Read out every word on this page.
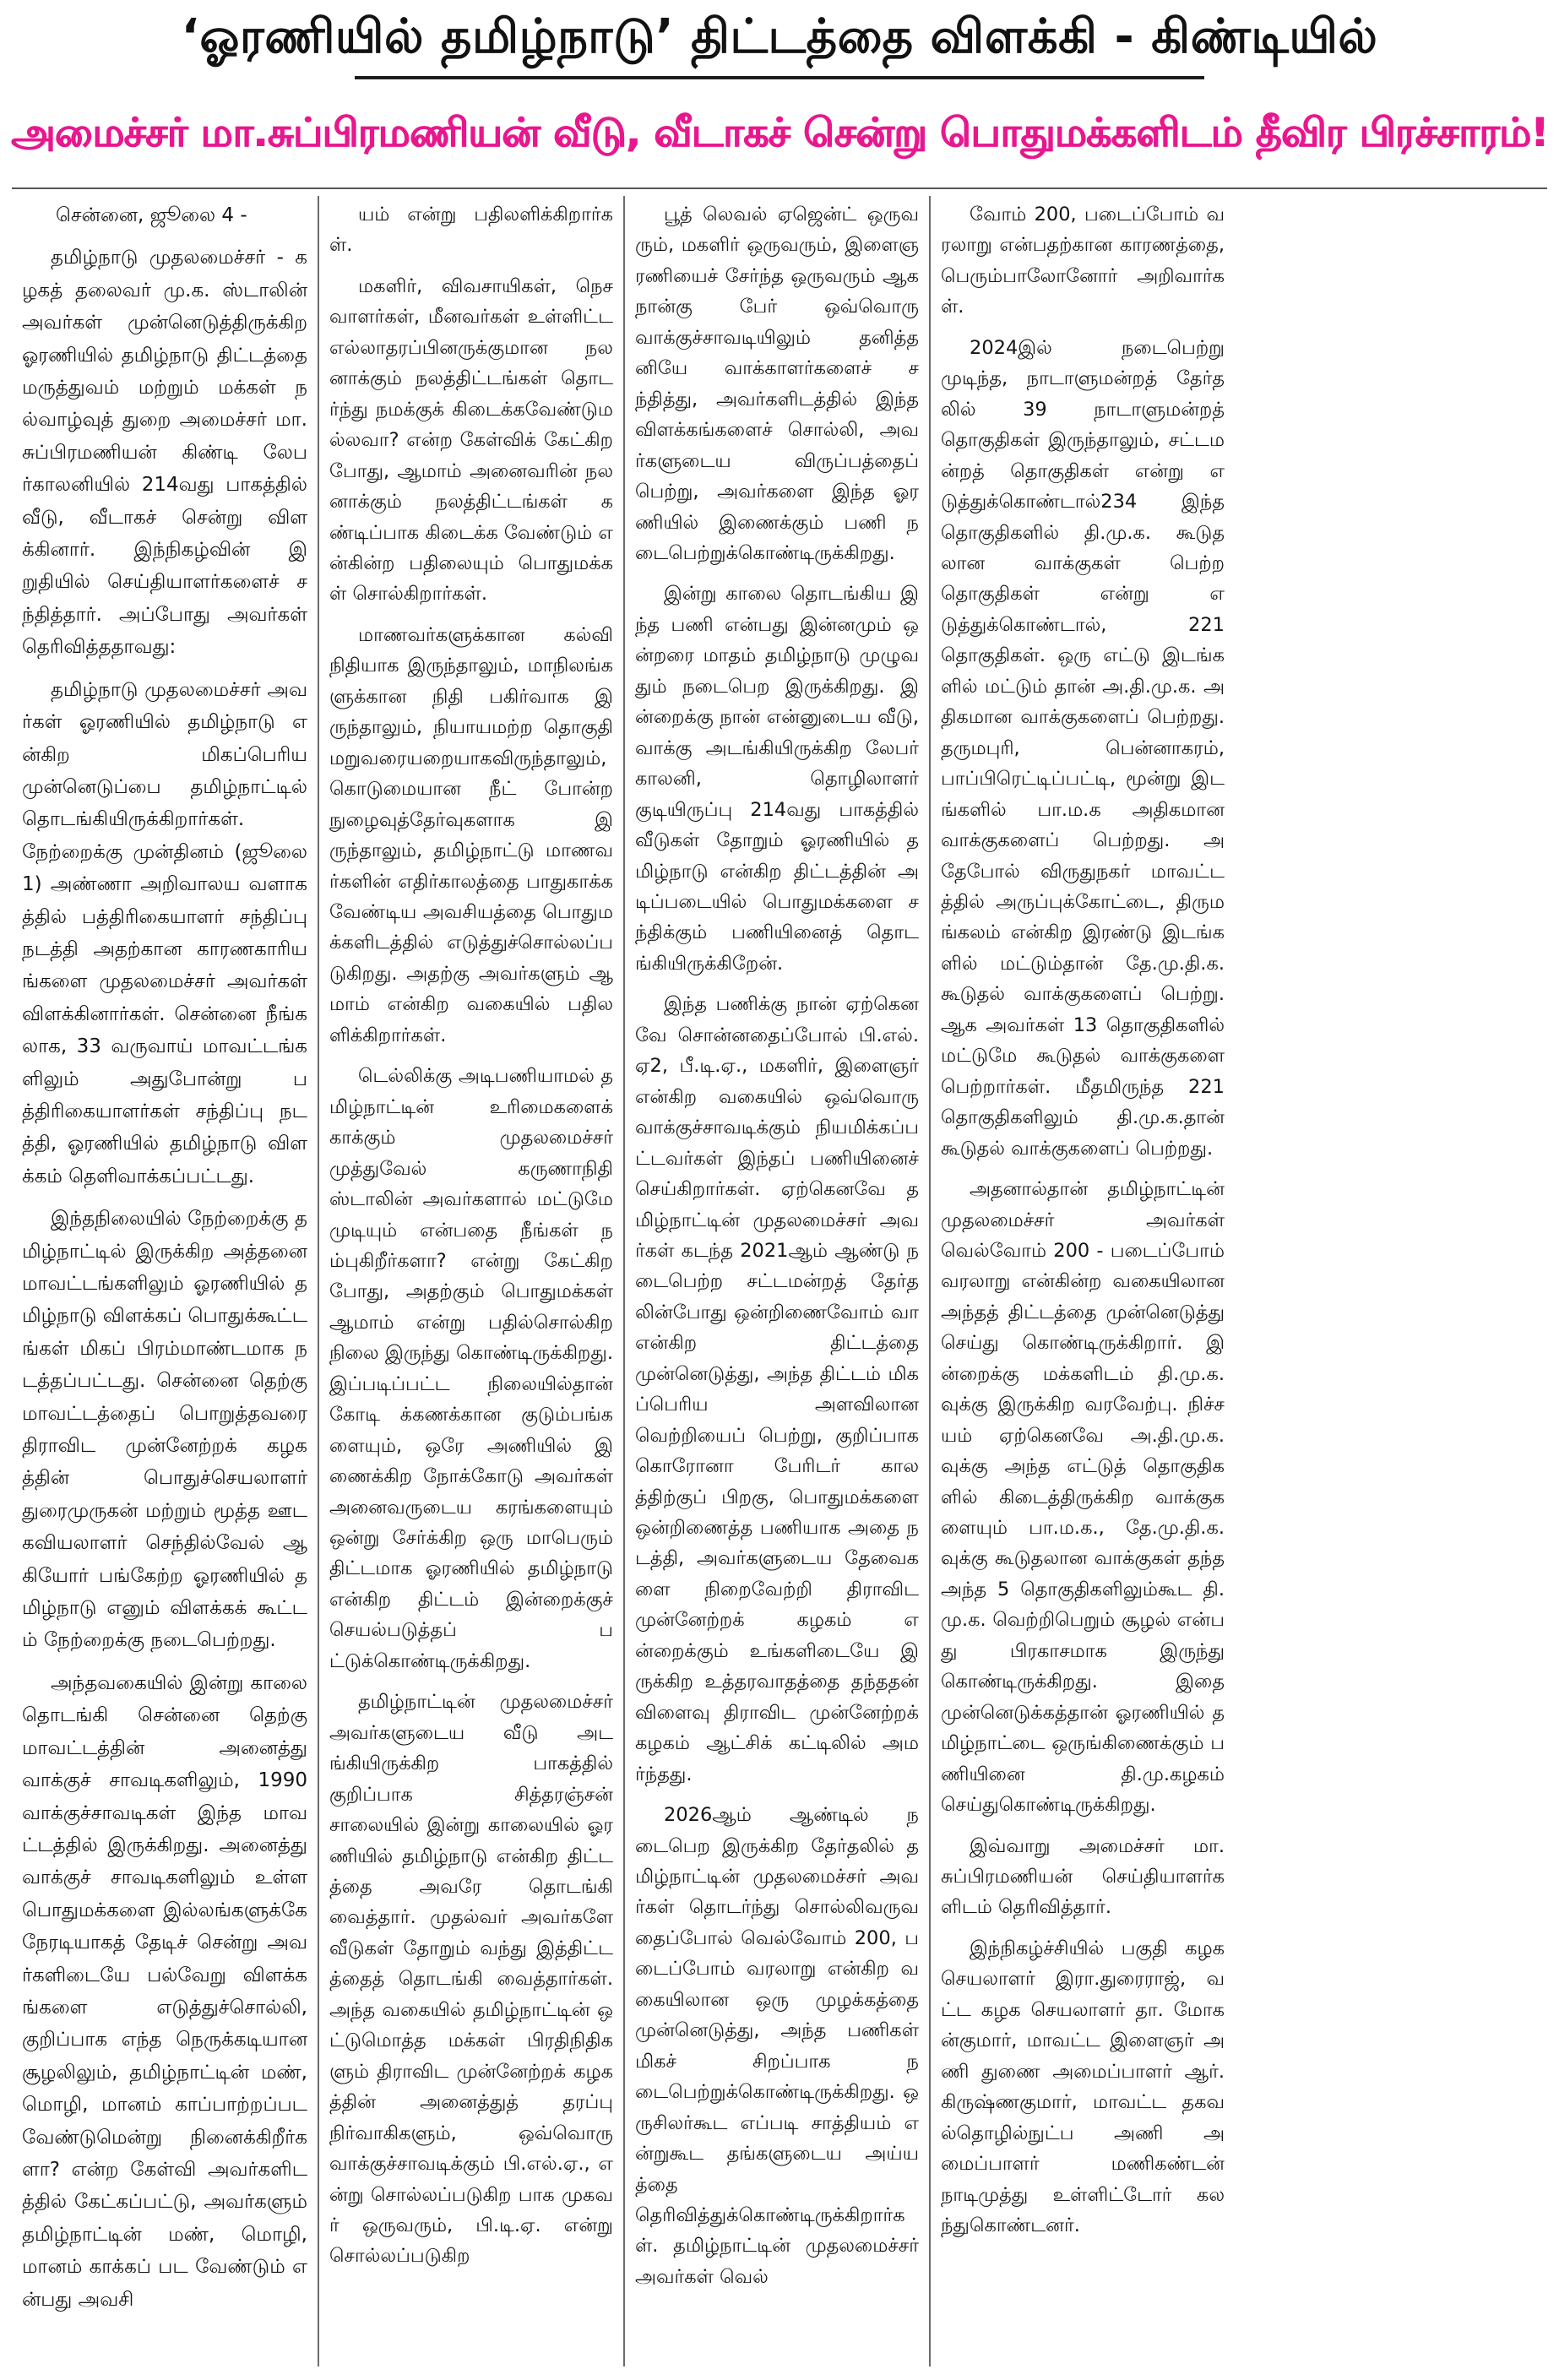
‘ஓரணியில் தமிழ்நாடு’ திட்டத்தை விளக்கி - கிண்டியில்
அமைச்சர் மா.சுப்பிரமணியன் வீடு, வீடாகச் சென்று பொதுமக்களிடம் தீவிர பிரச்சாரம்!

சென்னை, ஜூலை 4 -

தமிழ்நாடு முதலமைச்சர் - கழகத் தலைவர் மு.க. ஸ்டாலின் அவர்கள் முன்னெடுத்திருக்கிற ஓரணியில் தமிழ்நாடு திட்டத்தை மருத்துவம் மற்றும் மக்கள் நல்வாழ்வுத் துறை அமைச்சர் மா.சுப்பிரமணியன் கிண்டி லேபர்காலனியில் 214வது பாகத்தில் வீடு, வீடாகச் சென்று விளக்கினார். இந்நிகழ்வின் இறுதியில் செய்தியாளர்களைச் சந்தித்தார். அப்போது அவர்கள் தெரிவித்ததாவது:

தமிழ்நாடு முதலமைச்சர் அவர்கள் ஓரணியில் தமிழ்நாடு என்கிற மிகப்பெரிய முன்னெடுப்பை தமிழ்நாட்டில் தொடங்கியிருக்கிறார்கள். நேற்றைக்கு முன்தினம் (ஜூலை 1) அண்ணா அறிவாலய வளாகத்தில் பத்திரிகையாளர் சந்திப்பு நடத்தி அதற்கான காரணகாரியங்களை முதலமைச்சர் அவர்கள் விளக்கினார்கள். சென்னை நீங்கலாக, 33 வருவாய் மாவட்டங்களிலும் அதுபோன்று பத்திரிகையாளர்கள் சந்திப்பு நடத்தி, ஓரணியில் தமிழ்நாடு விளக்கம் தெளிவாக்கப்பட்டது.

இந்தநிலையில் நேற்றைக்கு தமிழ்நாட்டில் இருக்கிற அத்தனை மாவட்டங்களிலும் ஓரணியில் தமிழ்நாடு விளக்கப் பொதுக்கூட்டங்கள் மிகப் பிரம்மாண்டமாக நடத்தப்பட்டது. சென்னை தெற்கு மாவட்டத்தைப் பொறுத்தவரை திராவிட முன்னேற்றக் கழகத்தின் பொதுச்செயலாளர் துரைமுருகன் மற்றும் மூத்த ஊடகவியலாளர் செந்தில்வேல் ஆகியோர் பங்கேற்ற ஓரணியில் தமிழ்நாடு எனும் விளக்கக் கூட்டம் நேற்றைக்கு நடைபெற்றது.

அந்தவகையில் இன்று காலை தொடங்கி சென்னை தெற்கு மாவட்டத்தின் அனைத்து வாக்குச் சாவடிகளிலும், 1990 வாக்குச்சாவடிகள் இந்த மாவட்டத்தில் இருக்கிறது. அனைத்து வாக்குச் சாவடிகளிலும் உள்ள பொதுமக்களை இல்லங்களுக்கே நேரடியாகத் தேடிச் சென்று அவர்களிடையே பல்வேறு விளக்கங்களை எடுத்துச்சொல்லி, குறிப்பாக எந்த நெருக்கடியான சூழலிலும், தமிழ்நாட்டின் மண், மொழி, மானம் காப்பாற்றப்பட வேண்டுமென்று நினைக்கிறீர்களா? என்ற கேள்வி அவர்களிடத்தில் கேட்கப்பட்டு, அவர்களும் தமிழ்நாட்டின் மண், மொழி, மானம் காக்கப் பட வேண்டும் என்பது அவசி

யம் என்று பதிலளிக்கிறார்கள்.

மகளிர், விவசாயிகள், நெசவாளர்கள், மீனவர்கள் உள்ளிட்ட எல்லாதரப்பினருக்குமான நலனாக்கும் நலத்திட்டங்கள் தொடர்ந்து நமக்குக் கிடைக்கவேண்டுமல்லவா? என்ற கேள்விக் கேட்கிறபோது, ஆமாம் அனைவரின் நலனாக்கும் நலத்திட்டங்கள் கண்டிப்பாக கிடைக்க வேண்டும் என்கின்ற பதிலையும் பொதுமக்கள் சொல்கிறார்கள்.

மாணவர்களுக்கான கல்வி நிதியாக இருந்தாலும், மாநிலங்களுக்கான நிதி பகிர்வாக இருந்தாலும், நியாயமற்ற தொகுதி மறுவரையறையாகவிருந்தாலும், கொடுமையான நீட் போன்ற நுழைவுத்தேர்வுகளாக இருந்தாலும், தமிழ்நாட்டு மாணவர்களின் எதிர்காலத்தை பாதுகாக்க வேண்டிய அவசியத்தை பொதுமக்களிடத்தில் எடுத்துச்சொல்லப்படுகிறது. அதற்கு அவர்களும் ஆமாம் என்கிற வகையில் பதிலளிக்கிறார்கள்.

டெல்லிக்கு அடிபணியாமல் தமிழ்நாட்டின் உரிமைகளைக் காக்கும் முதலமைச்சர் முத்துவேல் கருணாநிதி ஸ்டாலின் அவர்களால் மட்டுமே முடியும் என்பதை நீங்கள் நம்புகிறீர்களா? என்று கேட்கிறபோது, அதற்கும் பொதுமக்கள் ஆமாம் என்று பதில்சொல்கிற நிலை இருந்து கொண்டிருக்கிறது. இப்படிப்பட்ட நிலையில்தான் கோடி க்கணக்கான குடும்பங்களையும், ஒரே அணியில் இணைக்கிற நோக்கோடு அவர்கள் அனைவருடைய கரங்களையும் ஒன்று சேர்க்கிற ஒரு மாபெரும் திட்டமாக ஓரணியில் தமிழ்நாடு என்கிற திட்டம் இன்றைக்குச் செயல்படுத்தப் பட்டுக்கொண்டிருக்கிறது.

தமிழ்நாட்டின் முதலமைச்சர் அவர்களுடைய வீடு அடங்கியிருக்கிற பாகத்தில் குறிப்பாக சித்தரஞ்சன் சாலையில் இன்று காலையில் ஓரணியில் தமிழ்நாடு என்கிற திட்டத்தை அவரே தொடங்கி வைத்தார். முதல்வர் அவர்களே வீடுகள் தோறும் வந்து இத்திட்டத்தைத் தொடங்கி வைத்தார்கள். அந்த வகையில் தமிழ்நாட்டின் ஒட்டுமொத்த மக்கள் பிரதிநிதிகளும் திராவிட முன்னேற்றக் கழகத்தின் அனைத்துத் தரப்பு நிர்வாகிகளும், ஒவ்வொரு வாக்குச்சாவடிக்கும் பி.எல்.ஏ., என்று சொல்லப்படுகிற பாக முகவர் ஒருவரும், பி.டி.ஏ. என்று சொல்லப்படுகிற

பூத் லெவல் ஏஜென்ட் ஒருவரும், மகளிர் ஒருவரும், இளைஞரணியைச் சேர்ந்த ஒருவரும் ஆக நான்கு பேர் ஒவ்வொரு வாக்குச்சாவடியிலும் தனித்தனியே வாக்காளர்களைச் சந்தித்து, அவர்களிடத்தில் இந்த விளக்கங்களைச் சொல்லி, அவர்களுடைய விருப்பத்தைப் பெற்று, அவர்களை இந்த ஓரணியில் இணைக்கும் பணி நடைபெற்றுக்கொண்டிருக்கிறது.

இன்று காலை தொடங்கிய இந்த பணி என்பது இன்னமும் ஒன்றரை மாதம் தமிழ்நாடு முழுவதும் நடைபெற இருக்கிறது. இன்றைக்கு நான் என்னுடைய வீடு, வாக்கு அடங்கியிருக்கிற லேபர் காலனி, தொழிலாளர் குடியிருப்பு 214வது பாகத்தில் வீடுகள் தோறும் ஓரணியில் தமிழ்நாடு என்கிற திட்டத்தின் அடிப்படையில் பொதுமக்களை சந்திக்கும் பணியினைத் தொடங்கியிருக்கிறேன்.

இந்த பணிக்கு நான் ஏற்கெனவே சொன்னதைப்போல் பி.எல்.ஏ2, பீ.டி.ஏ., மகளிர், இளைஞர் என்கிற வகையில் ஒவ்வொரு வாக்குச்சாவடிக்கும் நியமிக்கப்பட்டவர்கள் இந்தப் பணியினைச் செய்கிறார்கள். ஏற்கெனவே தமிழ்நாட்டின் முதலமைச்சர் அவர்கள் கடந்த 2021ஆம் ஆண்டு நடைபெற்ற சட்டமன்றத் தேர்தலின்போது ஒன்றிணைவோம் வா என்கிற திட்டத்தை முன்னெடுத்து, அந்த திட்டம் மிகப்பெரிய அளவிலான வெற்றியைப் பெற்று, குறிப்பாக கொரோனா பேரிடர் காலத்திற்குப் பிறகு, பொதுமக்களை ஒன்றிணைத்த பணியாக அதை நடத்தி, அவர்களுடைய தேவைகளை நிறைவேற்றி திராவிட முன்னேற்றக் கழகம் என்றைக்கும் உங்களிடையே இருக்கிற உத்தரவாதத்தை தந்ததன் விளைவு திராவிட முன்னேற்றக் கழகம் ஆட்சிக் கட்டிலில் அமர்ந்தது.

2026ஆம் ஆண்டில் நடைபெற இருக்கிற தேர்தலில் தமிழ்நாட்டின் முதலமைச்சர் அவர்கள் தொடர்ந்து சொல்லிவருவதைப்போல் வெல்வோம் 200, படைப்போம் வரலாறு என்கிற வகையிலான ஒரு முழக்கத்தை முன்னெடுத்து, அந்த பணிகள் மிகச் சிறப்பாக நடைபெற்றுக்கொண்டிருக்கிறது. ஒருசிலர்கூட எப்படி சாத்தியம் என்றுகூட தங்களுடைய அய்யத்தை தெரிவித்துக்கொண்டிருக்கிறார்கள். தமிழ்நாட்டின் முதலமைச்சர் அவர்கள் வெல்

வோம் 200, படைப்போம் வரலாறு என்பதற்கான காரணத்தை, பெரும்பாலோனோர் அறிவார்கள்.

2024இல் நடைபெற்று முடிந்த, நாடாளுமன்றத் தேர்தலில் 39 நாடாளுமன்றத் தொகுதிகள் இருந்தாலும், சட்டமன்றத் தொகுதிகள் என்று எடுத்துக்கொண்டால்234 இந்த தொகுதிகளில் தி.மு.க. கூடுதலான வாக்குகள் பெற்ற தொகுதிகள் என்று எடுத்துக்கொண்டால், 221 தொகுதிகள். ஒரு எட்டு இடங்களில் மட்டும் தான் அ.தி.மு.க. அதிகமான வாக்குகளைப் பெற்றது. தருமபுரி, பென்னாகரம், பாப்பிரெட்டிப்பட்டி, மூன்று இடங்களில் பா.ம.க அதிகமான வாக்குகளைப் பெற்றது. அதேபோல் விருதுநகர் மாவட்டத்தில் அருப்புக்கோட்டை, திருமங்கலம் என்கிற இரண்டு இடங்களில் மட்டும்தான் தே.மு.தி.க. கூடுதல் வாக்குகளைப் பெற்று. ஆக அவர்கள் 13 தொகுதிகளில் மட்டுமே கூடுதல் வாக்குகளை பெற்றார்கள். மீதமிருந்த 221 தொகுதிகளிலும் தி.மு.க.தான் கூடுதல் வாக்குகளைப் பெற்றது.

அதனால்தான் தமிழ்நாட்டின் முதலமைச்சர் அவர்கள் வெல்வோம் 200 - படைப்போம் வரலாறு என்கின்ற வகையிலான அந்தத் திட்டத்தை முன்னெடுத்து செய்து கொண்டிருக்கிறார். இன்றைக்கு மக்களிடம் தி.மு.க.வுக்கு இருக்கிற வரவேற்பு. நிச்சயம் ஏற்கெனவே அ.தி.மு.க.வுக்கு அந்த எட்டுத் தொகுதிகளில் கிடைத்திருக்கிற வாக்குகளையும் பா.ம.க., தே.மு.தி.க.வுக்கு கூடுதலான வாக்குகள் தந்த அந்த 5 தொகுதிகளிலும்கூட தி.மு.க. வெற்றிபெறும் சூழல் என்பது பிரகாசமாக இருந்து கொண்டிருக்கிறது. இதை முன்னெடுக்கத்தான் ஓரணியில் தமிழ்நாட்டை ஒருங்கிணைக்கும் பணியினை தி.மு.கழகம் செய்துகொண்டிருக்கிறது.

இவ்வாறு அமைச்சர் மா.சுப்பிரமணியன் செய்தியாளர்களிடம் தெரிவித்தார்.

இந்நிகழ்ச்சியில் பகுதி கழக செயலாளர் இரா.துரைராஜ், வட்ட கழக செயலாளர் தா. மோகன்குமார், மாவட்ட இளைஞர் அணி துணை அமைப்பாளர் ஆர்.கிருஷ்ணகுமார், மாவட்ட தகவல்தொழில்நுட்ப அணி அமைப்பாளர் மணிகண்டன் நாடிமுத்து உள்ளிட்டோர் கலந்துகொண்டனர்.
